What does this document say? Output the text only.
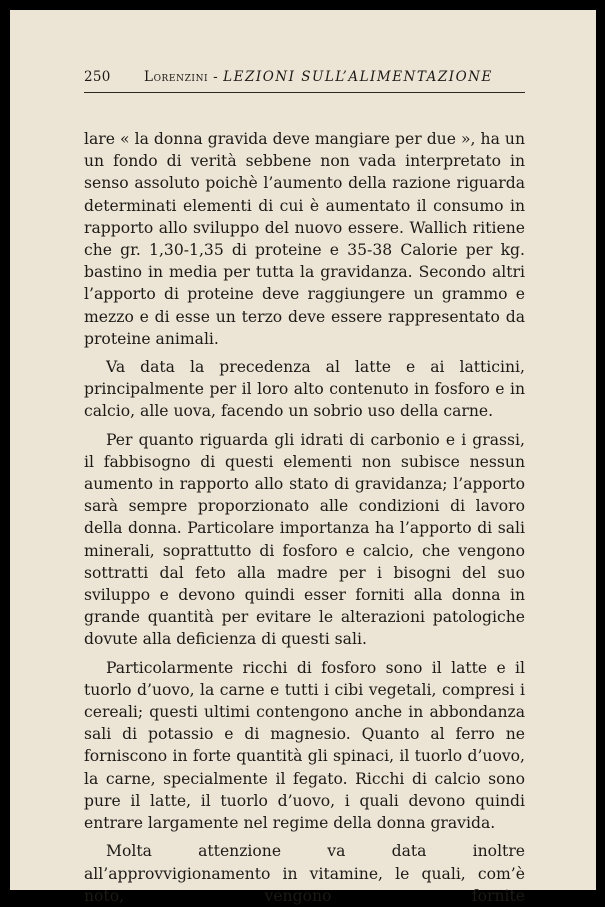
250 Lorenzini - LEZIONI SULL’ALIMENTAZIONE

lare « la donna gravida deve mangiare per due », ha un un fondo di verità sebbene non vada interpretato in senso assoluto poichè l’aumento della razione riguarda determinati elementi di cui è aumentato il consumo in rapporto allo sviluppo del nuovo essere. Wallich ritiene che gr. 1,30-1,35 di proteine e 35-38 Calorie per kg. bastino in media per tutta la gravidanza. Secondo altri l’apporto di proteine deve raggiungere un grammo e mezzo e di esse un terzo deve essere rappresentato da proteine animali.

Va data la precedenza al latte e ai latticini, principalmente per il loro alto contenuto in fosforo e in calcio, alle uova, facendo un sobrio uso della carne.

Per quanto riguarda gli idrati di carbonio e i grassi, il fabbisogno di questi elementi non subisce nessun aumento in rapporto allo stato di gravidanza; l’apporto sarà sempre proporzionato alle condizioni di lavoro della donna. Particolare importanza ha l’apporto di sali minerali, soprattutto di fosforo e calcio, che vengono sottratti dal feto alla madre per i bisogni del suo sviluppo e devono quindi esser forniti alla donna in grande quantità per evitare le alterazioni patologiche dovute alla deficienza di questi sali.

Particolarmente ricchi di fosforo sono il latte e il tuorlo d’uovo, la carne e tutti i cibi vegetali, compresi i cereali; questi ultimi contengono anche in abbondanza sali di potassio e di magnesio. Quanto al ferro ne forniscono in forte quantità gli spinaci, il tuorlo d’uovo, la carne, specialmente il fegato. Ricchi di calcio sono pure il latte, il tuorlo d’uovo, i quali devono quindi entrare largamente nel regime della donna gravida.

Molta attenzione va data inoltre all’approvvigionamento in vitamine, le quali, com’è noto, vengono fornite
